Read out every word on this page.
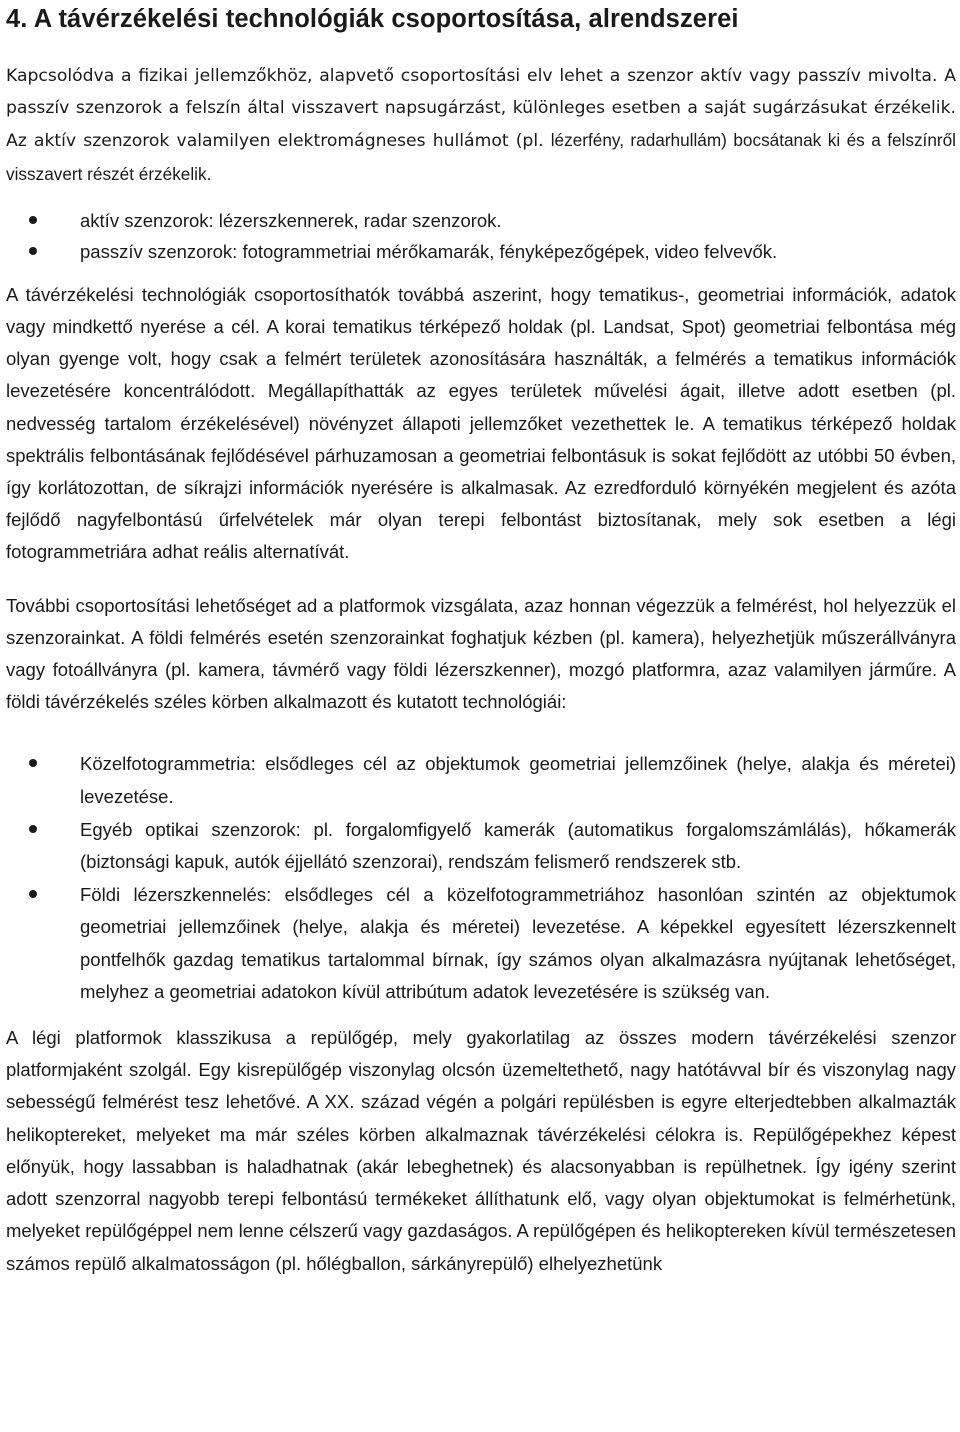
4. A távérzékelési technológiák csoportosítása, alrendszerei

Kapcsolódva a fizikai jellemzőkhöz, alapvető csoportosítási elv lehet a szenzor aktív vagy passzív mivolta. A passzív szenzorok a felszín által visszavert napsugárzást, különleges esetben a saját sugárzásukat érzékelik. Az aktív szenzorok valamilyen elektromágneses hullámot (pl. lézerfény, radarhullám) bocsátanak ki és a felszínről visszavert részét érzékelik.

aktív szenzorok: lézerszkennerek, radar szenzorok.
passzív szenzorok: fotogrammetriai mérőkamarák, fényképezőgépek, video felvevők.

A távérzékelési technológiák csoportosíthatók továbbá aszerint, hogy tematikus-, geometriai információk, adatok vagy mindkettő nyerése a cél. A korai tematikus térképező holdak (pl. Landsat, Spot) geometriai felbontása még olyan gyenge volt, hogy csak a felmért területek azonosítására használták, a felmérés a tematikus információk levezetésére koncentrálódott. Megállapíthatták az egyes területek művelési ágait, illetve adott esetben (pl. nedvesség tartalom érzékelésével) növényzet állapoti jellemzőket vezethettek le. A tematikus térképező holdak spektrális felbontásának fejlődésével párhuzamosan a geometriai felbontásuk is sokat fejlődött az utóbbi 50 évben, így korlátozottan, de síkrajzi információk nyerésére is alkalmasak. Az ezredforduló környékén megjelent és azóta fejlődő nagyfelbontású űrfelvételek már olyan terepi felbontást biztosítanak, mely sok esetben a légi fotogrammetriára adhat reális alternatívát.

További csoportosítási lehetőséget ad a platformok vizsgálata, azaz honnan végezzük a felmérést, hol helyezzük el szenzorainkat. A földi felmérés esetén szenzorainkat foghatjuk kézben (pl. kamera), helyezhetjük műszerállványra vagy fotoállványra (pl. kamera, távmérő vagy földi lézerszkenner), mozgó platformra, azaz valamilyen járműre. A földi távérzékelés széles körben alkalmazott és kutatott technológiái:

Közelfotogrammetria: elsődleges cél az objektumok geometriai jellemzőinek (helye, alakja és méretei) levezetése.
Egyéb optikai szenzorok: pl. forgalomfigyelő kamerák (automatikus forgalomszámlálás), hőkamerák (biztonsági kapuk, autók éjjellátó szenzorai), rendszám felismerő rendszerek stb.
Földi lézerszkennelés: elsődleges cél a közelfotogrammetriához hasonlóan szintén az objektumok geometriai jellemzőinek (helye, alakja és méretei) levezetése. A képekkel egyesített lézerszkennelt pontfelhők gazdag tematikus tartalommal bírnak, így számos olyan alkalmazásra nyújtanak lehetőséget, melyhez a geometriai adatokon kívül attribútum adatok levezetésére is szükség van.

A légi platformok klasszikusa a repülőgép, mely gyakorlatilag az összes modern távérzékelési szenzor platformjaként szolgál. Egy kisrepülőgép viszonylag olcsón üzemeltethető, nagy hatótávval bír és viszonylag nagy sebességű felmérést tesz lehetővé. A XX. század végén a polgári repülésben is egyre elterjedtebben alkalmazták helikoptereket, melyeket ma már széles körben alkalmaznak távérzékelési célokra is. Repülőgépekhez képest előnyük, hogy lassabban is haladhatnak (akár lebeghetnek) és alacsonyabban is repülhetnek. Így igény szerint adott szenzorral nagyobb terepi felbontású termékeket állíthatunk elő, vagy olyan objektumokat is felmérhetünk, melyeket repülőgéppel nem lenne célszerű vagy gazdaságos. A repülőgépen és helikoptereken kívül természetesen számos repülő alkalmatosságon (pl. hőlégballon, sárkányrepülő) elhelyezhetünk
